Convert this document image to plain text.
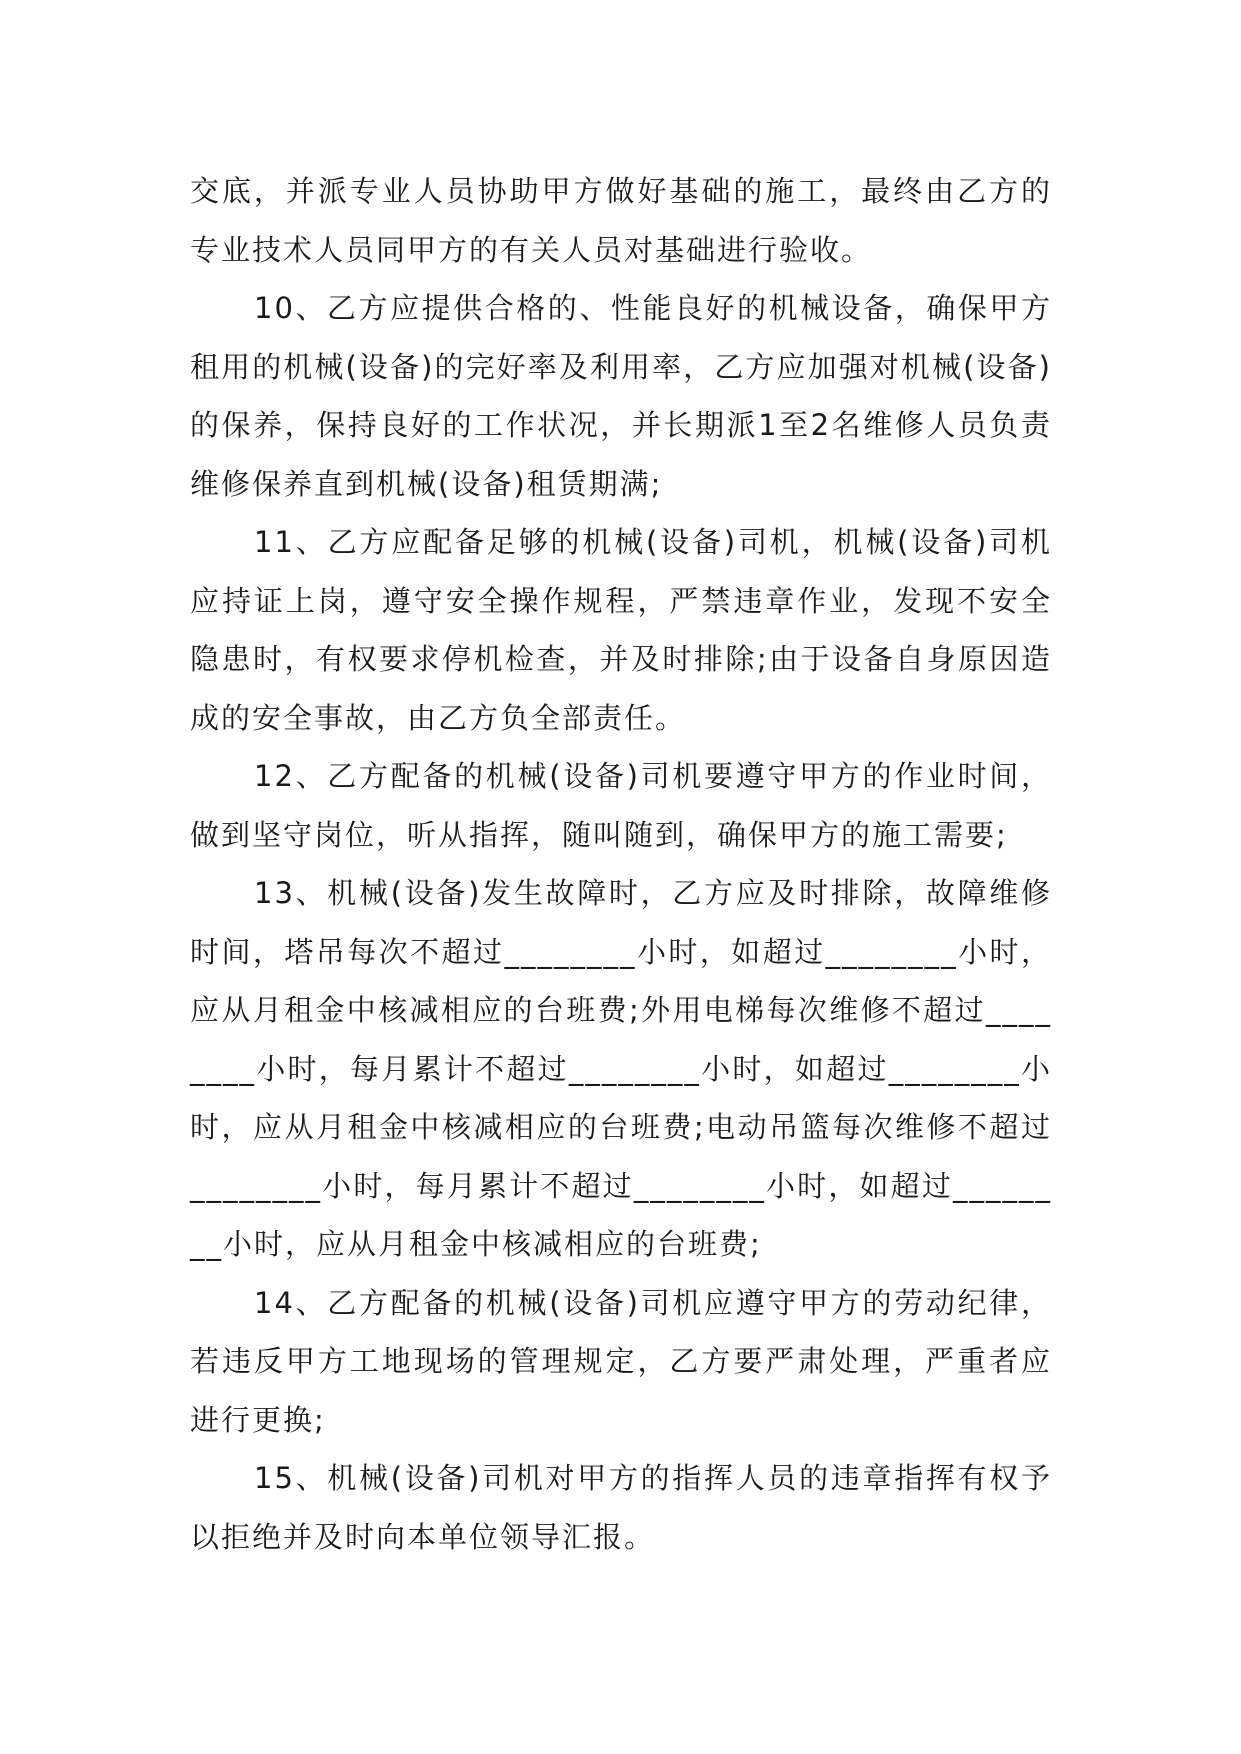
交底，并派专业人员协助甲方做好基础的施工，最终由乙方的专业技术人员同甲方的有关人员对基础进行验收。

10、乙方应提供合格的、性能良好的机械设备，确保甲方租用的机械(设备)的完好率及利用率，乙方应加强对机械(设备)的保养，保持良好的工作状况，并长期派1至2名维修人员负责维修保养直到机械(设备)租赁期满;

11、乙方应配备足够的机械(设备)司机，机械(设备)司机应持证上岗，遵守安全操作规程，严禁违章作业，发现不安全隐患时，有权要求停机检查，并及时排除;由于设备自身原因造成的安全事故，由乙方负全部责任。

12、乙方配备的机械(设备)司机要遵守甲方的作业时间，做到坚守岗位，听从指挥，随叫随到，确保甲方的施工需要;

13、机械(设备)发生故障时，乙方应及时排除，故障维修时间，塔吊每次不超过________小时，如超过________小时，应从月租金中核减相应的台班费;外用电梯每次维修不超过________小时，每月累计不超过________小时，如超过________小时，应从月租金中核减相应的台班费;电动吊篮每次维修不超过________小时，每月累计不超过________小时，如超过________小时，应从月租金中核减相应的台班费;

14、乙方配备的机械(设备)司机应遵守甲方的劳动纪律，若违反甲方工地现场的管理规定，乙方要严肃处理，严重者应进行更换;

15、机械(设备)司机对甲方的指挥人员的违章指挥有权予以拒绝并及时向本单位领导汇报。
